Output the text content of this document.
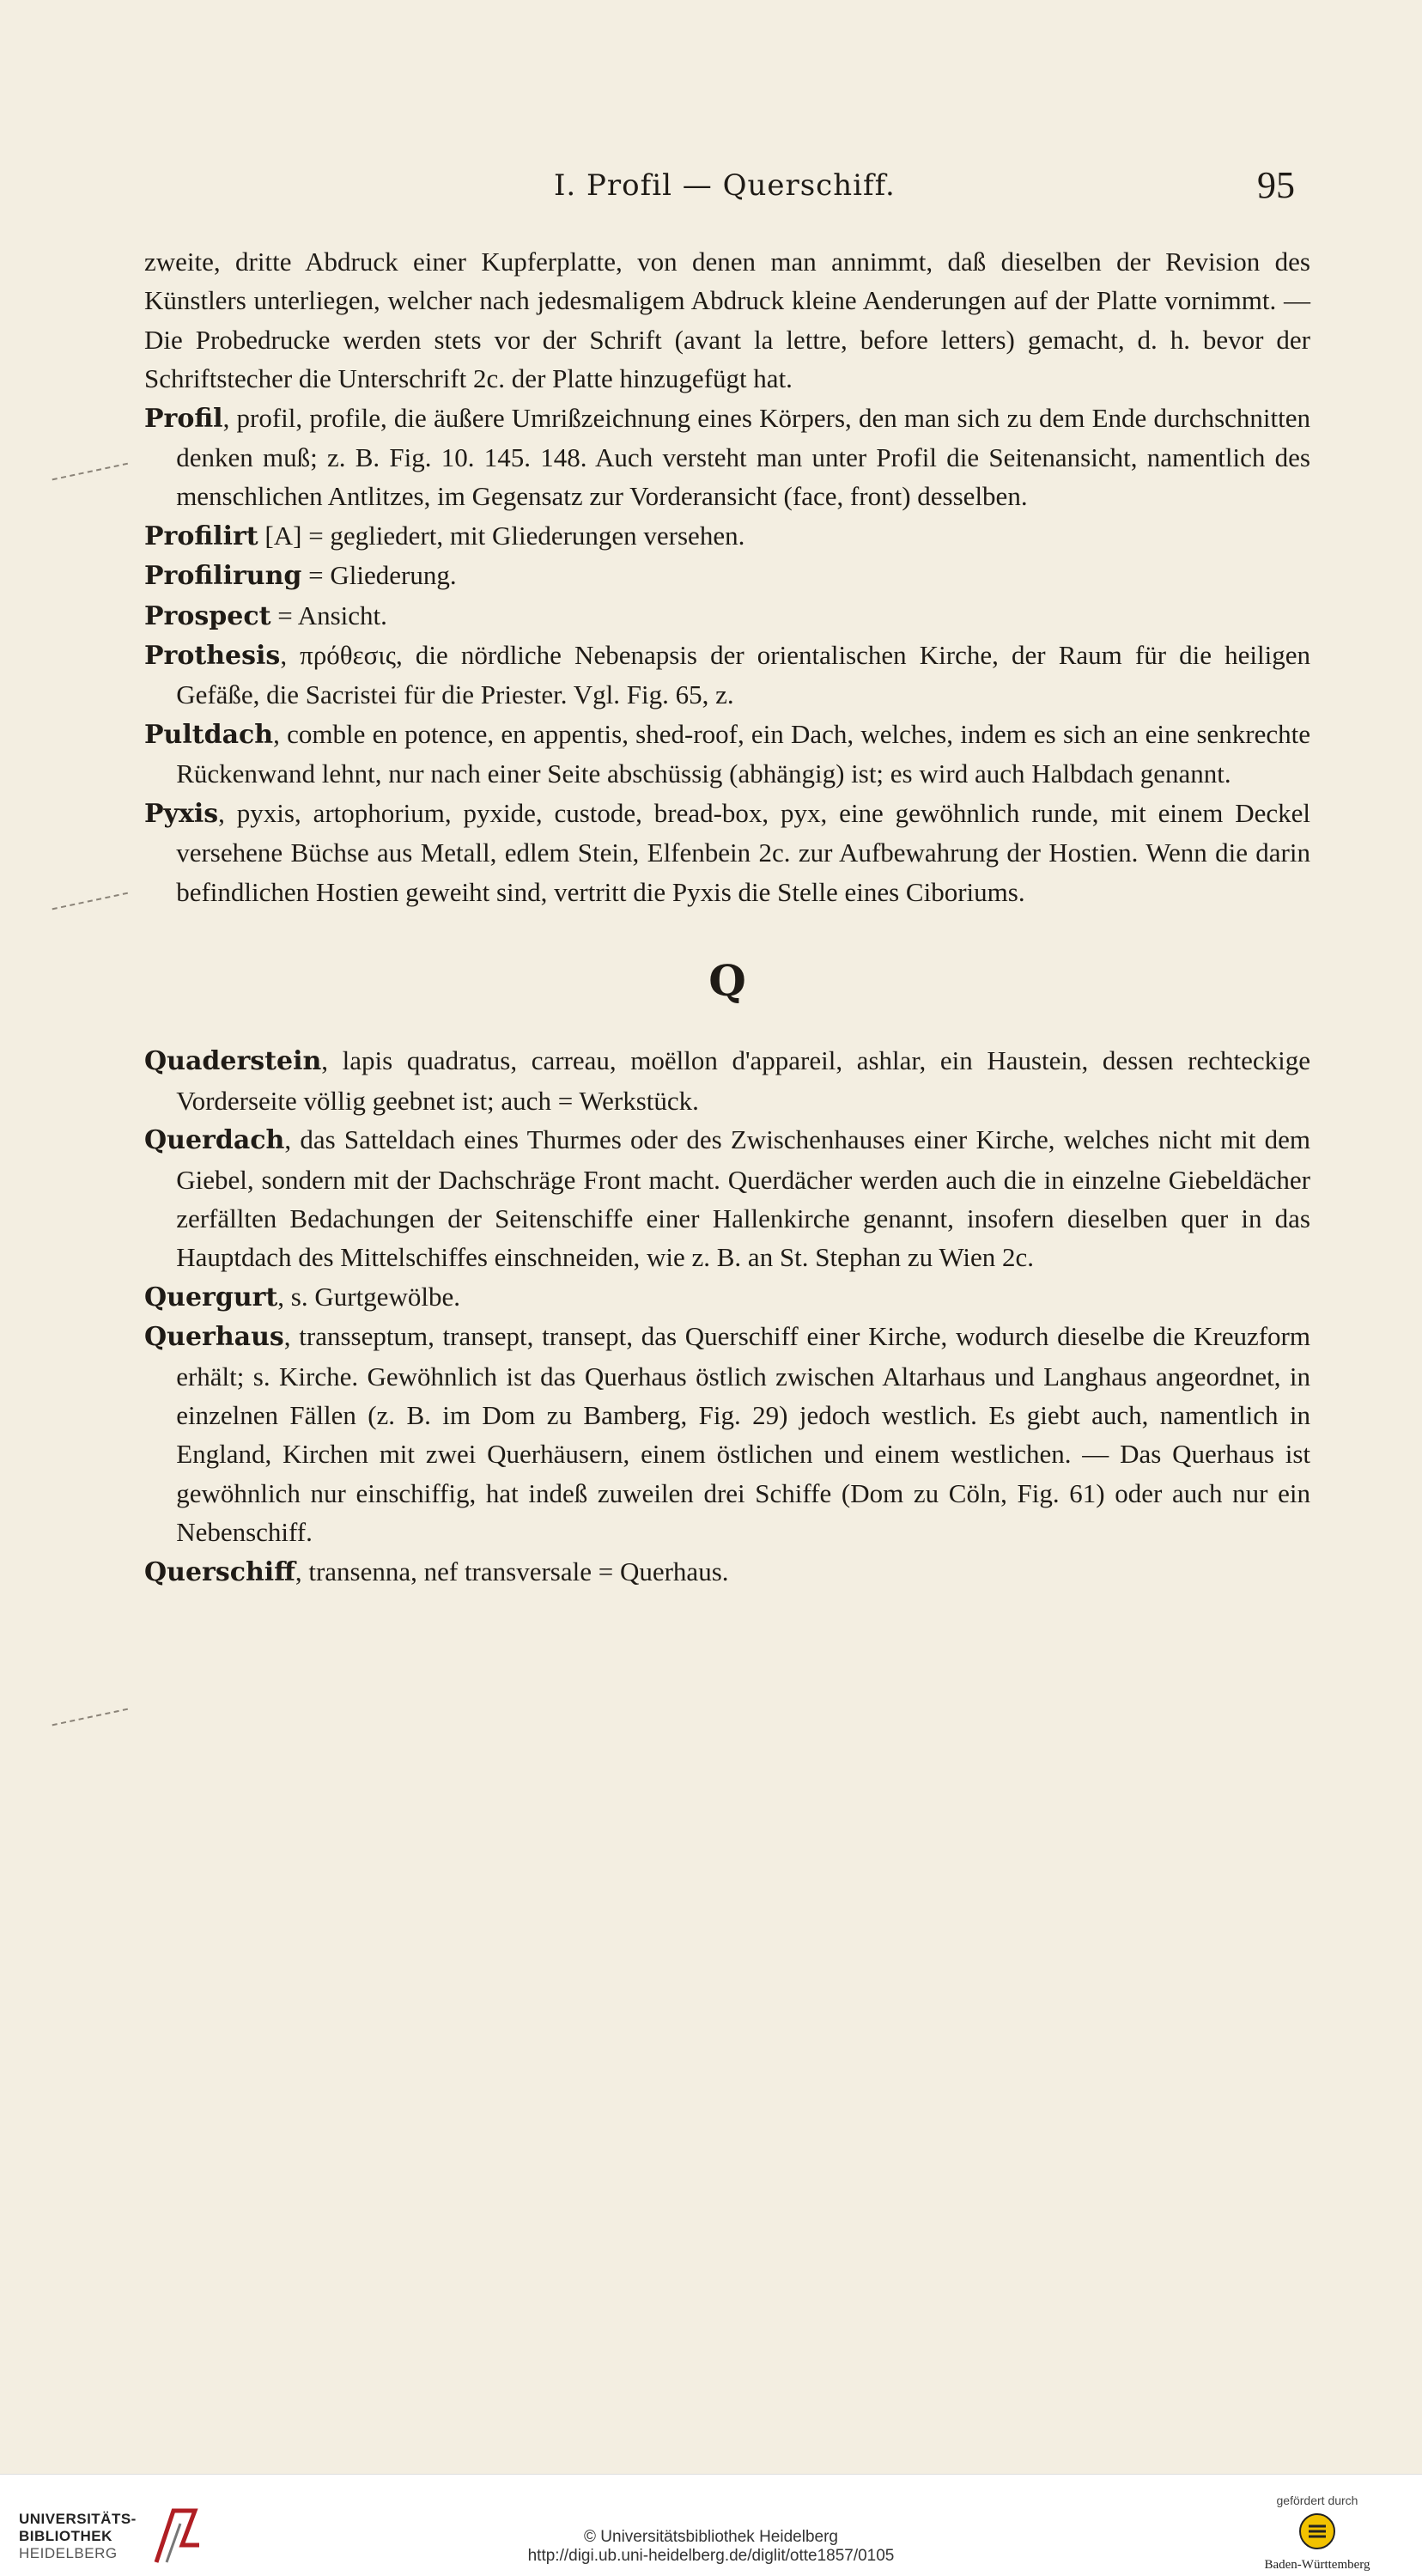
I. Profil — Querschiff.	95

zweite, dritte Abdruck einer Kupferplatte, von denen man annimmt, daß dieselben der Revision des Künstlers unterliegen, welcher nach jedesmaligem Abdruck kleine Aenderungen auf der Platte vornimmt. — Die Probedrucke werden stets vor der Schrift (avant la lettre, before letters) gemacht, d. h. bevor der Schriftstecher die Unterschrift 2c. der Platte hinzugefügt hat.

Profil, profil, profile, die äußere Umrißzeichnung eines Körpers, den man sich zu dem Ende durchschnitten denken muß; z. B. Fig. 10. 145. 148. Auch versteht man unter Profil die Seitenansicht, namentlich des menschlichen Antlitzes, im Gegensatz zur Vorderansicht (face, front) desselben.

Profilirt [A] = gegliedert, mit Gliederungen versehen.

Profilirung = Gliederung.

Prospect = Ansicht.

Prothesis, πρόθεσις, die nördliche Nebenapsis der orientalischen Kirche, der Raum für die heiligen Gefäße, die Sacristei für die Priester. Vgl. Fig. 65, z.

Pultdach, comble en potence, en appentis, shed-roof, ein Dach, welches, indem es sich an eine senkrechte Rückenwand lehnt, nur nach einer Seite abschüssig (abhängig) ist; es wird auch Halbdach genannt.

Pyxis, pyxis, artophorium, pyxide, custode, bread-box, pyx, eine gewöhnlich runde, mit einem Deckel versehene Büchse aus Metall, edlem Stein, Elfenbein 2c. zur Aufbewahrung der Hostien. Wenn die darin befindlichen Hostien geweiht sind, vertritt die Pyxis die Stelle eines Ciboriums.

Q

Quaderstein, lapis quadratus, carreau, moëllon d'appareil, ashlar, ein Haustein, dessen rechteckige Vorderseite völlig geebnet ist; auch = Werkstück.

Querdach, das Satteldach eines Thurmes oder des Zwischenhauses einer Kirche, welches nicht mit dem Giebel, sondern mit der Dachschräge Front macht. Querdächer werden auch die in einzelne Giebeldächer zerfällten Bedachungen der Seitenschiffe einer Hallenkirche genannt, insofern dieselben quer in das Hauptdach des Mittelschiffes einschneiden, wie z. B. an St. Stephan zu Wien 2c.

Quergurt, s. Gurtgewölbe.

Querhaus, transseptum, transept, transept, das Querschiff einer Kirche, wodurch dieselbe die Kreuzform erhält; s. Kirche. Gewöhnlich ist das Querhaus östlich zwischen Altarhaus und Langhaus angeordnet, in einzelnen Fällen (z. B. im Dom zu Bamberg, Fig. 29) jedoch westlich. Es giebt auch, namentlich in England, Kirchen mit zwei Querhäusern, einem östlichen und einem westlichen. — Das Querhaus ist gewöhnlich nur einschiffig, hat indeß zuweilen drei Schiffe (Dom zu Cöln, Fig. 61) oder auch nur ein Nebenschiff.

Querschiff, transenna, nef transversale = Querhaus.

UNIVERSITÄTS-
BIBLIOTHEK
HEIDELBERG
© Universitätsbibliothek Heidelberg
http://digi.ub.uni-heidelberg.de/diglit/otte1857/0105
gefördert durch
Baden-Württemberg
